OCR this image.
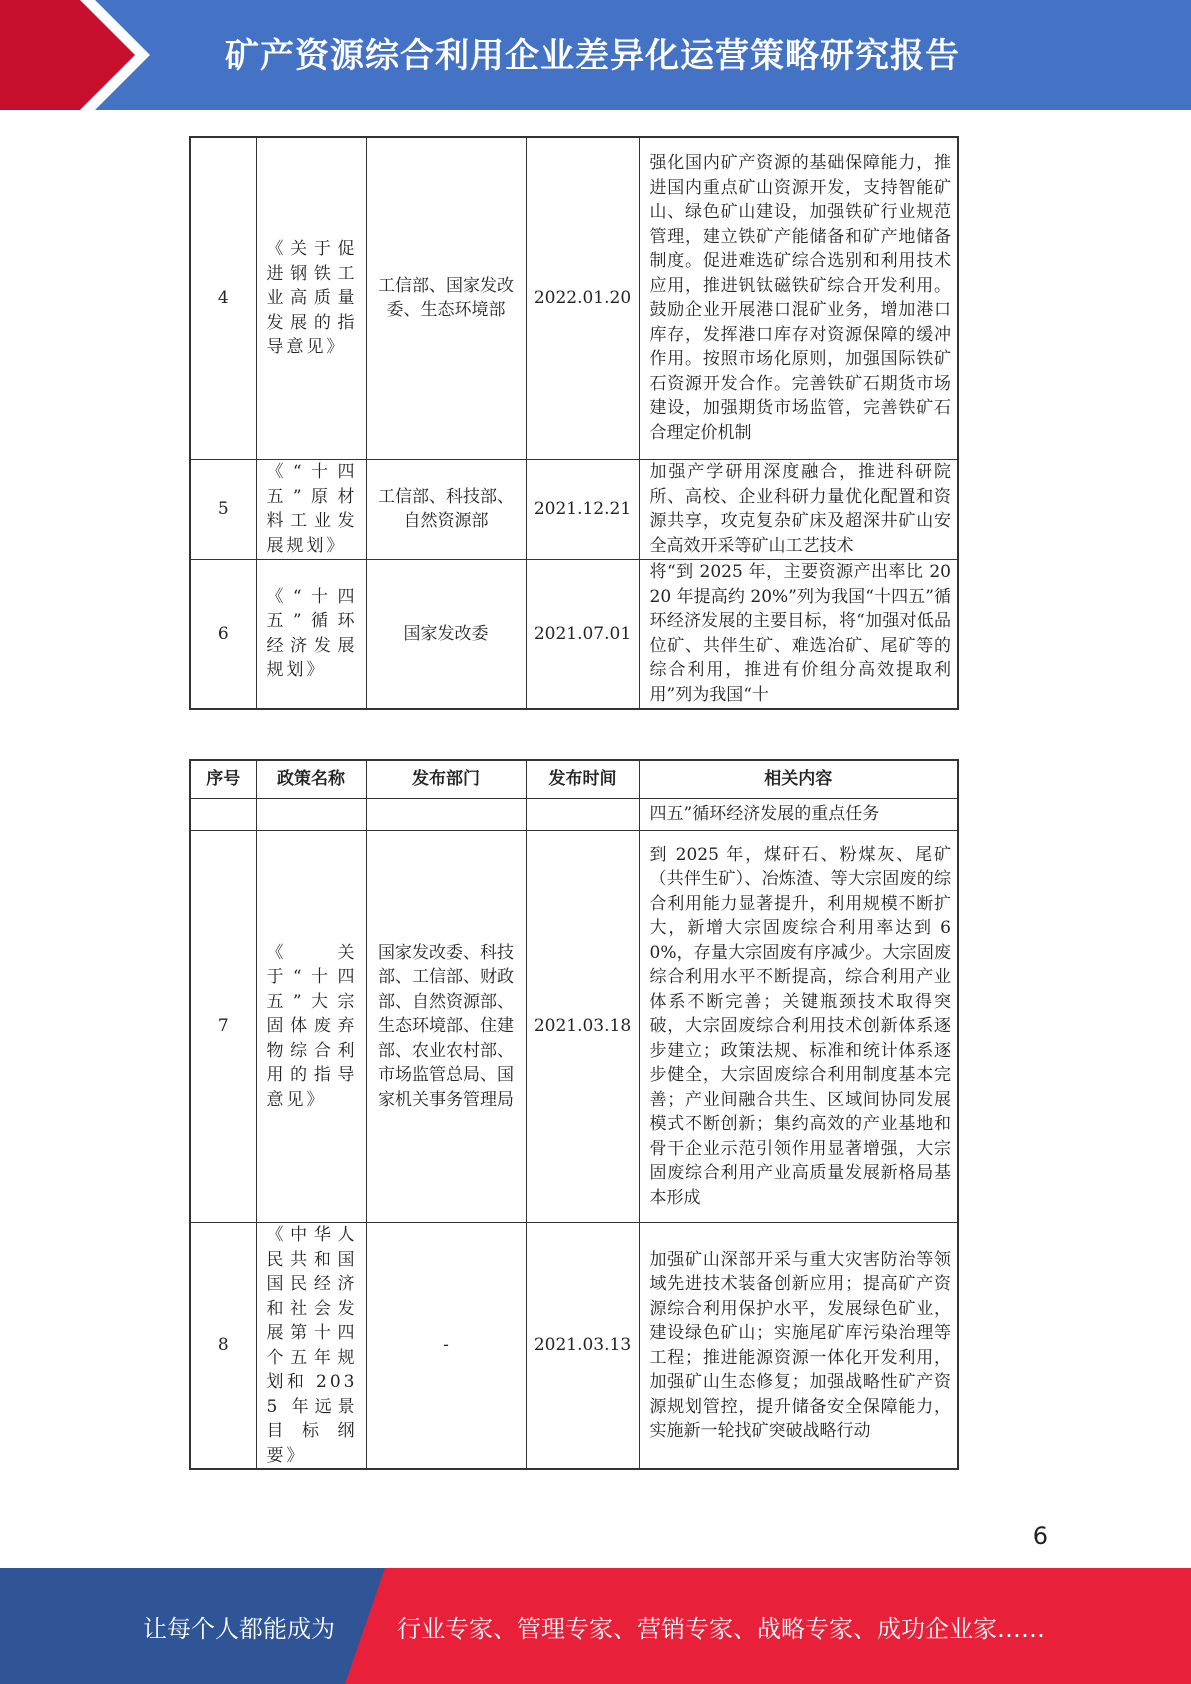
矿产资源综合利用企业差异化运营策略研究报告
4	《关于促进钢铁工业高质量发展的指导意见》	工信部、国家发改委、生态环境部	2022.01.20	强化国内矿产资源的基础保障能力，推进国内重点矿山资源开发，支持智能矿山、绿色矿山建设，加强铁矿行业规范管理，建立铁矿产能储备和矿产地储备制度。促进难选矿综合选别和利用技术应用，推进钒钛磁铁矿综合开发利用。鼓励企业开展港口混矿业务，增加港口库存，发挥港口库存对资源保障的缓冲作用。按照市场化原则，加强国际铁矿石资源开发合作。完善铁矿石期货市场建设，加强期货市场监管，完善铁矿石合理定价机制
5	《“十四五”原材料工业发展规划》	工信部、科技部、自然资源部	2021.12.21	加强产学研用深度融合，推进科研院所、高校、企业科研力量优化配置和资源共享，攻克复杂矿床及超深井矿山安全高效开采等矿山工艺技术
6	《“十四五”循环经济发展规划》	国家发改委	2021.07.01	将“到 2025 年，主要资源产出率比 2020 年提高约 20%”列为我国“十四五”循环经济发展的主要目标，将“加强对低品位矿、共伴生矿、难选冶矿、尾矿等的综合利用，推进有价组分高效提取利用”列为我国“十
序号	政策名称	发布部门	发布时间	相关内容
				四五”循环经济发展的重点任务
7	《关于“十四五”大宗固体废弃物综合利用的指导意见》	国家发改委、科技部、工信部、财政部、自然资源部、生态环境部、住建部、农业农村部、市场监管总局、国家机关事务管理局	2021.03.18	到 2025 年，煤矸石、粉煤灰、尾矿（共伴生矿）、冶炼渣、等大宗固废的综合利用能力显著提升，利用规模不断扩大，新增大宗固废综合利用率达到 60%，存量大宗固废有序减少。大宗固废综合利用水平不断提高，综合利用产业体系不断完善；关键瓶颈技术取得突破，大宗固废综合利用技术创新体系逐步建立；政策法规、标准和统计体系逐步健全，大宗固废综合利用制度基本完善；产业间融合共生、区域间协同发展模式不断创新；集约高效的产业基地和骨干企业示范引领作用显著增强，大宗固废综合利用产业高质量发展新格局基本形成
8	《中华人民共和国国民经济和社会发展第十四个五年规划和 2035 年远景目标纲要》	-	2021.03.13	加强矿山深部开采与重大灾害防治等领域先进技术装备创新应用；提高矿产资源综合利用保护水平，发展绿色矿业，建设绿色矿山；实施尾矿库污染治理等工程；推进能源资源一体化开发利用，加强矿山生态修复；加强战略性矿产资源规划管控，提升储备安全保障能力，实施新一轮找矿突破战略行动
6
让每个人都能成为	行业专家、管理专家、营销专家、战略专家、成功企业家……
